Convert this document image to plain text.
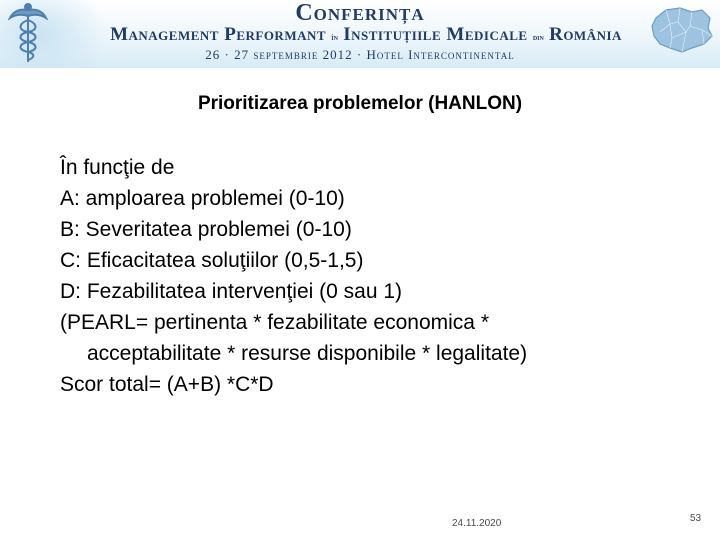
Conferința
Management Performant în Instituțiile Medicale din România
26 · 27 septembrie 2012 · Hotel Intercontinental
Prioritizarea problemelor (HANLON)
În funcţie de
A: amploarea problemei (0-10)
B: Severitatea problemei (0-10)
C: Eficacitatea soluţiilor (0,5-1,5)
D: Fezabilitatea intervenţiei (0 sau 1)
(PEARL= pertinenta * fezabilitate economica *
acceptabilitate * resurse disponibile * legalitate)
Scor total= (A+B) *C*D
24.11.2020	53
